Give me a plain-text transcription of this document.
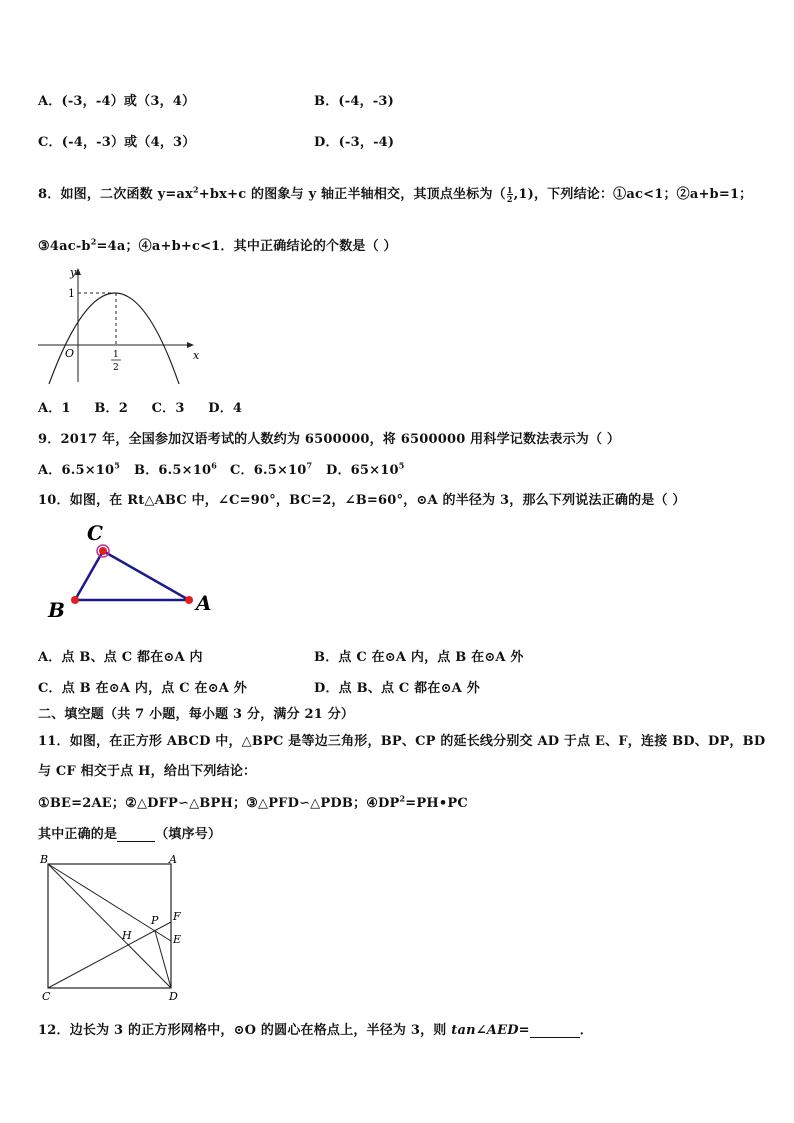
A．(-3，-4）或（3，4）	B．(-4，-3)
C．(-4，-3）或（4，3）	D．(-3，-4)
8．如图，二次函数 $y=ax^2+bx+c$ 的图象与 y 轴正半轴相交，其顶点坐标为（ $\frac{1}{2} ,1$)，下列结论：①ac<1；②a+b=1；
$③4ac-b^2=4a$；④a+b+c<1．其中正确结论的个数是（ ）
y
x
O
1
1
2
A．1     B．2     C．3     D．4
9．2017 年，全国参加汉语考试的人数约为 6500000，将 6500000 用科学记数法表示为（ ）
A．$6.5\times 10^5$ B．$6.5\times 10^6$ C．$6.5\times 10^7$ D．$65\times 10^5$
10．如图，在 Rt△ABC 中，∠C=90°，BC=2，∠B=60°，⊙A 的半径为 3，那么下列说法正确的是（ ）
C
B	A
A．点 B、点 C 都在⊙A 内	B．点 C 在⊙A 内，点 B 在⊙A 外
C．点 B 在⊙A 内，点 C 在⊙A 外	D．点 B、点 C 都在⊙A 外
二、填空题（共 7 小题，每小题 3 分，满分 21 分）
11．如图，在正方形 ABCD 中，△BPC 是等边三角形，BP、CP 的延长线分别交 AD 于点 E、F，连接 BD、DP，BD
与 CF 相交于点 H，给出下列结论：
①BE=2AE；②△DFP∽△BPH；③△PFD∽△PDB；$④DP^2=PH•PC$
其中正确的是	（填序号）
B	A
C	D
P F
E
H
12．边长为 3 的正方形网格中，⊙O 的圆心在格点上，半径为 3，则 tan∠AED=	．
